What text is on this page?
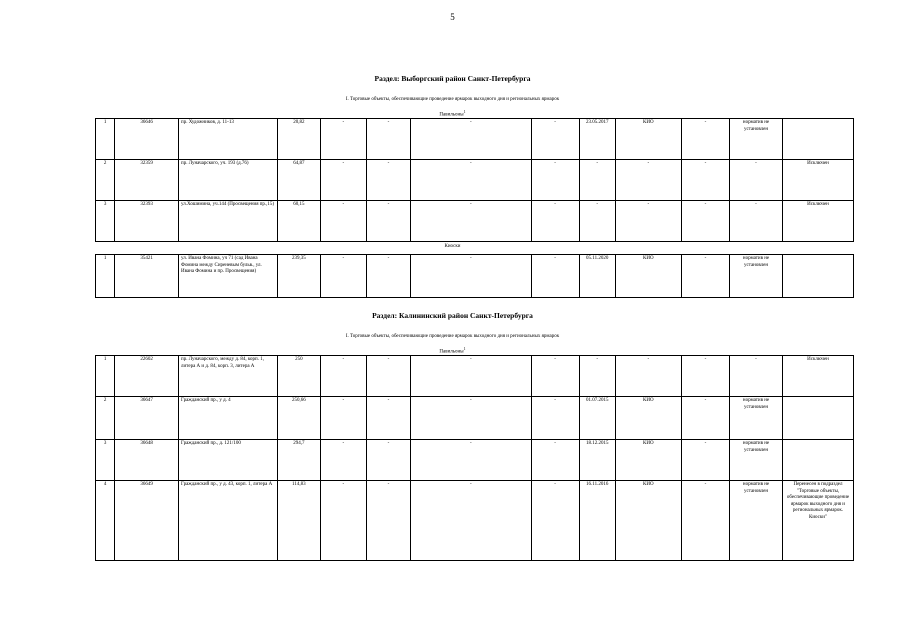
5
Раздел: Выборгский район Санкт-Петербурга
I. Торговые объекты, обеспечивающие проведение ярмарок выходного дня и региональных ярмарок
Павильоны$^1$
1	36646	пр. Художников, д. 11-13	20,82	-	-	-	-	23.05.2017	КИО	-	норматив не установлен	
2	32359	пр. Луначарского, уч. 193 (д.76)	64,87	-	-	-	-	-	-	-	-	Исключен
3	32393	ул.Хошимина, уч.144 (Просвещения пр.,15)	60,15	-	-	-	-	-	-	-	-	Исключен
Киоски
1	35421	ул. Ивана Фомина, уч 71 (сад Ивана Фомина между Сиреневым бульв., ул. Ивана Фомина и пр. Просвещения)	239,35	-	-	-	-	05.11.2020	КИО	-	норматив не установлен	
Раздел: Калининский район Санкт-Петербурга
I. Торговые объекты, обеспечивающие проведение ярмарок выходного дня и региональных ярмарок
Павильоны$^1$
1	22602	пр. Луначарского, между д. 84, корп. 1, литера А и д. 84, корп. 3, литера А	250	-	-	-	-	-	-	-	-	Исключен
2	36647	Гражданский пр., у д. 4	250,66	-	-	-	-	01.07.2015	КИО	-	норматив не установлен	
3	36648	Гражданский пр., д. 121/100	294,7	-	-	-	-	18.12.2015	КИО	-	норматив не установлен	
4	36649	Гражданский пр., у д. 43, корп. 1, литера А	114,83	-	-	-	-	16.11.2016	КИО	-	норматив не установлен	Перенесен в подраздел "Торговые объекты, обеспечивающие проведение ярмарок выходного дня и региональных ярмарок. Киоски"
